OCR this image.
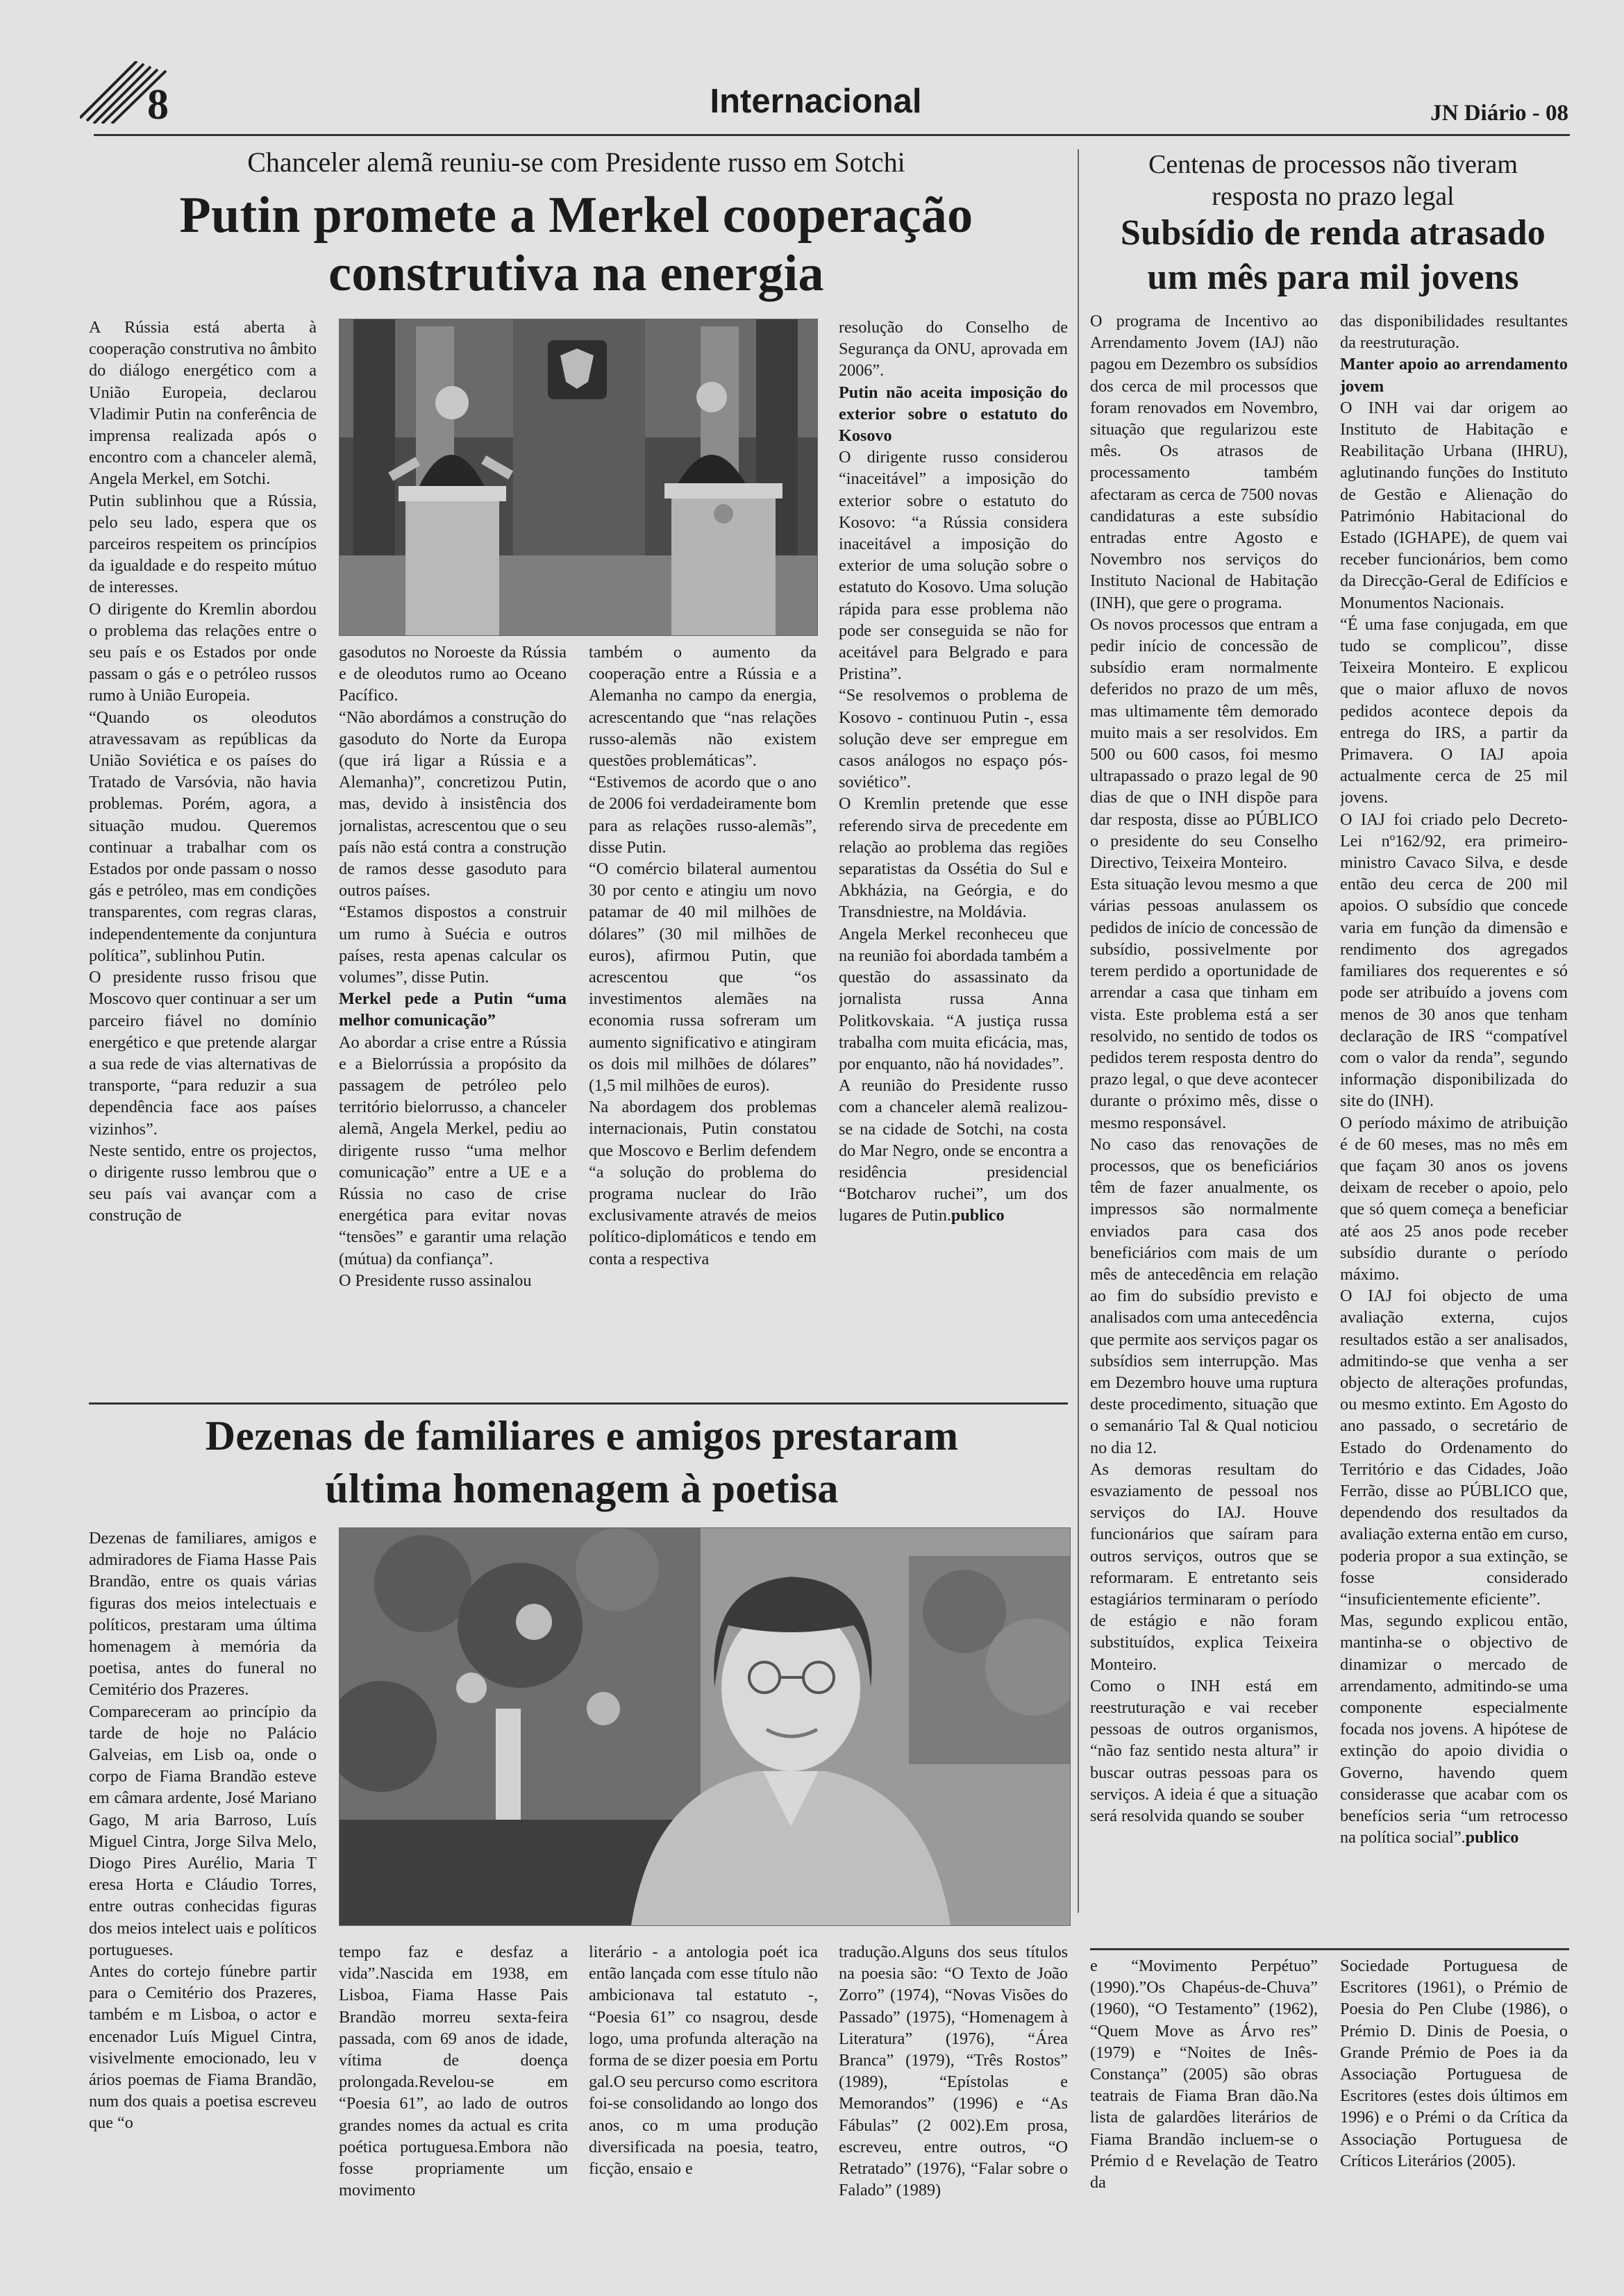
8	Internacional	JN Diário - 08
Chanceler alemã reuniu-se com Presidente russo em Sotchi
Putin promete a Merkel cooperação
construtiva na energia

A Rússia está aberta à cooperação construtiva no âmbito do diálogo energético com a União Europeia, declarou Vladimir Putin na conferência de imprensa realizada após o encontro com a chanceler alemã, Angela Merkel, em Sotchi.

Putin sublinhou que a Rússia, pelo seu lado, espera que os parceiros respeitem os princípios da igualdade e do respeito mútuo de interesses.

O dirigente do Kremlin abordou o problema das relações entre o seu país e os Estados por onde passam o gás e o petróleo russos rumo à União Europeia.

“Quando os oleodutos atravessavam as repúblicas da União Soviética e os países do Tratado de Varsóvia, não havia problemas. Porém, agora, a situação mudou. Queremos continuar a trabalhar com os Estados por onde passam o nosso gás e petróleo, mas em condições transparentes, com regras claras, independentemente da conjuntura política”, sublinhou Putin.

O presidente russo frisou que Moscovo quer continuar a ser um parceiro fiável no domínio energético e que pretende alargar a sua rede de vias alternativas de transporte, “para reduzir a sua dependência face aos países vizinhos”.

Neste sentido, entre os projectos, o dirigente russo lembrou que o seu país vai avançar com a construção de

gasodutos no Noroeste da Rússia e de oleodutos rumo ao Oceano Pacífico.

“Não abordámos a construção do gasoduto do Norte da Europa (que irá ligar a Rússia e a Alemanha)”, concretizou Putin, mas, devido à insistência dos jornalistas, acrescentou que o seu país não está contra a construção de ramos desse gasoduto para outros países.

“Estamos dispostos a construir um rumo à Suécia e outros países, resta apenas calcular os volumes”, disse Putin.

Merkel pede a Putin “uma melhor comunicação”

Ao abordar a crise entre a Rússia e a Bielorrússia a propósito da passagem de petróleo pelo território bielorrusso, a chanceler alemã, Angela Merkel, pediu ao dirigente russo “uma melhor comunicação” entre a UE e a Rússia no caso de crise energética para evitar novas “tensões” e garantir uma relação (mútua) da confiança”.

O Presidente russo assinalou

também o aumento da cooperação entre a Rússia e a Alemanha no campo da energia, acrescentando que “nas relações russo-alemãs não existem questões problemáticas”.

“Estivemos de acordo que o ano de 2006 foi verdadeiramente bom para as relações russo-alemãs”, disse Putin.

“O comércio bilateral aumentou 30 por cento e atingiu um novo patamar de 40 mil milhões de dólares” (30 mil milhões de euros), afirmou Putin, que acrescentou que “os investimentos alemães na economia russa sofreram um aumento significativo e atingiram os dois mil milhões de dólares” (1,5 mil milhões de euros).

Na abordagem dos problemas internacionais, Putin constatou que Moscovo e Berlim defendem “a solução do problema do programa nuclear do Irão exclusivamente através de meios político-diplomáticos e tendo em conta a respectiva

resolução do Conselho de Segurança da ONU, aprovada em 2006”.

Putin não aceita imposição do exterior sobre o estatuto do Kosovo

O dirigente russo considerou “inaceitável” a imposição do exterior sobre o estatuto do Kosovo: “a Rússia considera inaceitável a imposição do exterior de uma solução sobre o estatuto do Kosovo. Uma solução rápida para esse problema não pode ser conseguida se não for aceitável para Belgrado e para Pristina”.

“Se resolvemos o problema de Kosovo - continuou Putin -, essa solução deve ser empregue em casos análogos no espaço pós-soviético”.

O Kremlin pretende que esse referendo sirva de precedente em relação ao problema das regiões separatistas da Ossétia do Sul e Abkházia, na Geórgia, e do Transdniestre, na Moldávia.

Angela Merkel reconheceu que na reunião foi abordada também a questão do assassinato da jornalista russa Anna Politkovskaia. “A justiça russa trabalha com muita eficácia, mas, por enquanto, não há novidades”.

A reunião do Presidente russo com a chanceler alemã realizou-se na cidade de Sotchi, na costa do Mar Negro, onde se encontra a residência presidencial “Botcharov ruchei”, um dos lugares de Putin.publico

Centenas de processos não tiveram
resposta no prazo legal
Subsídio de renda atrasado
um mês para mil jovens

O programa de Incentivo ao Arrendamento Jovem (IAJ) não pagou em Dezembro os subsídios dos cerca de mil processos que foram renovados em Novembro, situação que regularizou este mês. Os atrasos de processamento também afectaram as cerca de 7500 novas candidaturas a este subsídio entradas entre Agosto e Novembro nos serviços do Instituto Nacional de Habitação (INH), que gere o programa.

Os novos processos que entram a pedir início de concessão de subsídio eram normalmente deferidos no prazo de um mês, mas ultimamente têm demorado muito mais a ser resolvidos. Em 500 ou 600 casos, foi mesmo ultrapassado o prazo legal de 90 dias de que o INH dispõe para dar resposta, disse ao PÚBLICO o presidente do seu Conselho Directivo, Teixeira Monteiro.

Esta situação levou mesmo a que várias pessoas anulassem os pedidos de início de concessão de subsídio, possivelmente por terem perdido a oportunidade de arrendar a casa que tinham em vista. Este problema está a ser resolvido, no sentido de todos os pedidos terem resposta dentro do prazo legal, o que deve acontecer durante o próximo mês, disse o mesmo responsável.

No caso das renovações de processos, que os beneficiários têm de fazer anualmente, os impressos são normalmente enviados para casa dos beneficiários com mais de um mês de antecedência em relação ao fim do subsídio previsto e analisados com uma antecedência que permite aos serviços pagar os subsídios sem interrupção. Mas em Dezembro houve uma ruptura deste procedimento, situação que o semanário Tal & Qual noticiou no dia 12.

As demoras resultam do esvaziamento de pessoal nos serviços do IAJ. Houve funcionários que saíram para outros serviços, outros que se reformaram. E entretanto seis estagiários terminaram o período de estágio e não foram substituídos, explica Teixeira Monteiro.

Como o INH está em reestruturação e vai receber pessoas de outros organismos, “não faz sentido nesta altura” ir buscar outras pessoas para os serviços. A ideia é que a situação será resolvida quando se souber

das disponibilidades resultantes da reestruturação.

Manter apoio ao arrendamento jovem

O INH vai dar origem ao Instituto de Habitação e Reabilitação Urbana (IHRU), aglutinando funções do Instituto de Gestão e Alienação do Património Habitacional do Estado (IGHAPE), de quem vai receber funcionários, bem como da Direcção-Geral de Edifícios e Monumentos Nacionais.

“É uma fase conjugada, em que tudo se complicou”, disse Teixeira Monteiro. E explicou que o maior afluxo de novos pedidos acontece depois da entrega do IRS, a partir da Primavera. O IAJ apoia actualmente cerca de 25 mil jovens.

O IAJ foi criado pelo Decreto-Lei nº162/92, era primeiro-ministro Cavaco Silva, e desde então deu cerca de 200 mil apoios. O subsídio que concede varia em função da dimensão e rendimento dos agregados familiares dos requerentes e só pode ser atribuído a jovens com menos de 30 anos que tenham declaração de IRS “compatível com o valor da renda”, segundo informação disponibilizada do site do (INH).

O período máximo de atribuição é de 60 meses, mas no mês em que façam 30 anos os jovens deixam de receber o apoio, pelo que só quem começa a beneficiar até aos 25 anos pode receber subsídio durante o período máximo.

O IAJ foi objecto de uma avaliação externa, cujos resultados estão a ser analisados, admitindo-se que venha a ser objecto de alterações profundas, ou mesmo extinto. Em Agosto do ano passado, o secretário de Estado do Ordenamento do Território e das Cidades, João Ferrão, disse ao PÚBLICO que, dependendo dos resultados da avaliação externa então em curso, poderia propor a sua extinção, se fosse considerado “insuficientemente eficiente”.

Mas, segundo explicou então, mantinha-se o objectivo de dinamizar o mercado de arrendamento, admitindo-se uma componente especialmente focada nos jovens. A hipótese de extinção do apoio dividia o Governo, havendo quem considerasse que acabar com os benefícios seria “um retrocesso na política social”.publico

Dezenas de familiares e amigos prestaram
última homenagem à poetisa

Dezenas de familiares, amigos e admiradores de Fiama Hasse Pais Brandão, entre os quais várias figuras dos meios intelectuais e políticos, prestaram uma última homenagem à memória da poetisa, antes do funeral no Cemitério dos Prazeres.

Compareceram ao princípio da tarde de hoje no Palácio Galveias, em Lisb oa, onde o corpo de Fiama Brandão esteve em câmara ardente, José Mariano Gago, M aria Barroso, Luís Miguel Cintra, Jorge Silva Melo, Diogo Pires Aurélio, Maria T eresa Horta e Cláudio Torres, entre outras conhecidas figuras dos meios intelect uais e políticos portugueses.

Antes do cortejo fúnebre partir para o Cemitério dos Prazeres, também e m Lisboa, o actor e encenador Luís Miguel Cintra, visivelmente emocionado, leu v ários poemas de Fiama Brandão, num dos quais a poetisa escreveu que “o

tempo faz e desfaz a vida”.Nascida em 1938, em Lisboa, Fiama Hasse Pais Brandão morreu sexta-feira passada, com 69 anos de idade, vítima de doença prolongada.Revelou-se em “Poesia 61”, ao lado de outros grandes nomes da actual es crita poética portuguesa.Embora não fosse propriamente um movimento

literário - a antologia poét ica então lançada com esse título não ambicionava tal estatuto -, “Poesia 61” co nsagrou, desde logo, uma profunda alteração na forma de se dizer poesia em Portu gal.O seu percurso como escritora foi-se consolidando ao longo dos anos, co m uma produção diversificada na poesia, teatro, ficção, ensaio e

tradução.Alguns dos seus títulos na poesia são: “O Texto de João Zorro” (1974), “Novas Visões do Passado” (1975), “Homenagem à Literatura” (1976), “Área Branca” (1979), “Três Rostos” (1989), “Epístolas e Memorandos” (1996) e “As Fábulas” (2 002).Em prosa, escreveu, entre outros, “O Retratado” (1976), “Falar sobre o Falado” (1989)

e “Movimento Perpétuo” (1990).”Os Chapéus-de-Chuva” (1960), “O Testamento” (1962), “Quem Move as Árvo res” (1979) e “Noites de Inês-Constança” (2005) são obras teatrais de Fiama Bran dão.Na lista de galardões literários de Fiama Brandão incluem-se o Prémio d e Revelação de Teatro da

Sociedade Portuguesa de Escritores (1961), o Prémio de Poesia do Pen Clube (1986), o Prémio D. Dinis de Poesia, o Grande Prémio de Poes ia da Associação Portuguesa de Escritores (estes dois últimos em 1996) e o Prémi o da Crítica da Associação Portuguesa de Críticos Literários (2005).
